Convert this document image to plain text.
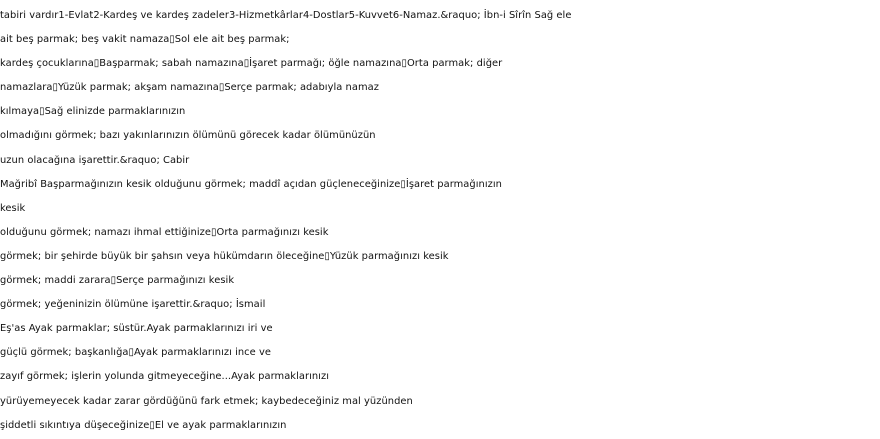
tabiri vardır1-Evlat2-Kardeş ve kardeş zadeler3-Hizmetkârlar4-Dostlar5-Kuvvet6-Namaz.&raquo; İbn-i Sîrîn Sağ ele
ait beş parmak; beş vakit namaza▯Sol ele ait beş parmak;
kardeş çocuklarına▯Başparmak; sabah namazına▯İşaret parmağı; öğle namazına▯Orta parmak; diğer
namazlara▯Yüzük parmak; akşam namazına▯Serçe parmak; adabıyla namaz
kılmaya▯Sağ elinizde parmaklarınızın
olmadığını görmek; bazı yakınlarınızın ölümünü görecek kadar ölümünüzün
uzun olacağına işarettir.&raquo; Cabir
Mağribî Başparmağınızın kesik olduğunu görmek; maddî açıdan güçleneceğinize▯İşaret parmağınızın
kesik
olduğunu görmek; namazı ihmal ettiğinize▯Orta parmağınızı kesik
görmek; bir şehirde büyük bir şahsın veya hükümdarın öleceğine▯Yüzük parmağınızı kesik
görmek; maddi zarara▯Serçe parmağınızı kesik
görmek; yeğeninizin ölümüne işarettir.&raquo; İsmail
Eş'as Ayak parmaklar; süstür.Ayak parmaklarınızı iri ve
güçlü görmek; başkanlığa▯Ayak parmaklarınızı ince ve
zayıf görmek; işlerin yolunda gitmeyeceğine...Ayak parmaklarınızı
yürüyemeyecek kadar zarar gördüğünü fark etmek; kaybedeceğiniz mal yüzünden
şiddetli sıkıntıya düşeceğinize▯El ve ayak parmaklarınızın
